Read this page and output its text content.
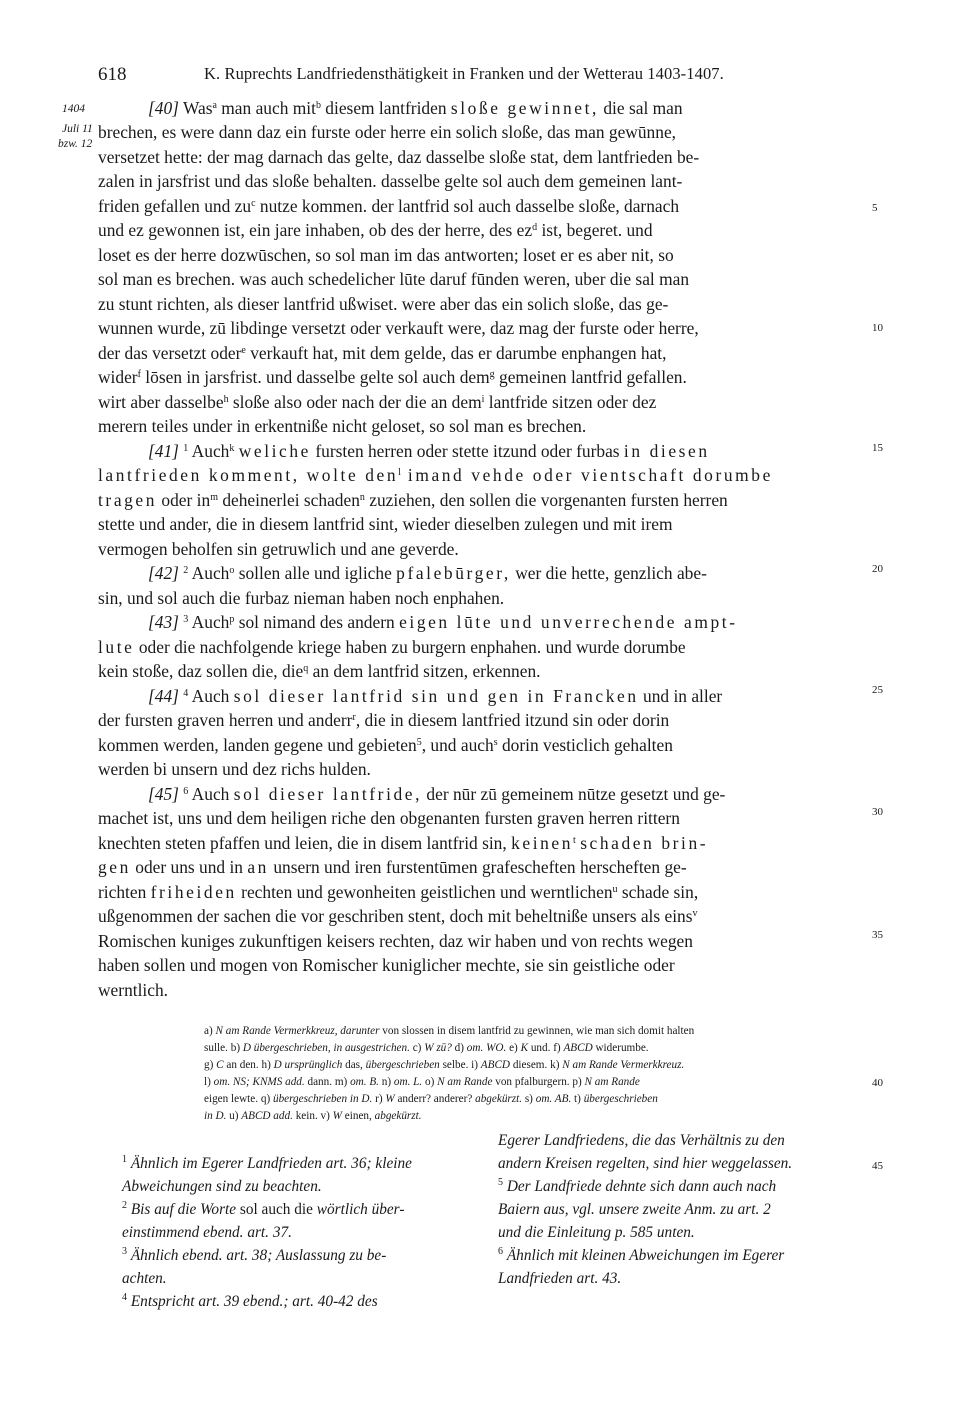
618	K. Ruprechts Landfriedensthätigkeit in Franken und der Wetterau 1403-1407.
1404
Juli 11
bzw. 12
5
10
15
20
25
30
35
40
45
[40] Was$^a$ man auch mit$^b$ diesem lantfriden sloße gewinnet, die sal man
brechen, es were dann daz ein furste oder herre ein solich sloße, das man gewūnne,
versetzet hette: der mag darnach das gelte, daz dasselbe sloße stat, dem lantfrieden be-
zalen in jarsfrist und das sloße behalten. dasselbe gelte sol auch dem gemeinen lant-
friden gefallen und $zu^c$ nutze kommen. der lantfrid sol auch dasselbe sloße, darnach
und ez gewonnen ist, ein jare inhaben, ob des der herre, des $ez^d$ ist, begeret. und
loset es der herre dozwūschen, so sol man im das antworten; loset er es aber nit, so
sol man es brechen. was auch schedelicher lūte daruf fūnden weren, uber die sal man
zu stunt richten, als dieser lantfrid ußwiset. were aber das ein solich sloße, das ge-
wunnen wurde, zū libdinge versetzt oder verkauft were, daz mag der furste oder herre,
der das versetzt oder$^e$ verkauft hat, mit dem gelde, das er darumbe enphangen hat,
wider$^f$ lōsen in jarsfrist. und dasselbe gelte sol auch dem$^g$ gemeinen lantfrid gefallen.
wirt aber dasselbe$^h$ sloße also oder nach der die an dem$^i$ lantfride sitzen oder dez
merern teiles under in erkentniße nicht geloset, so sol man es brechen.
[41] $^1$ Auch$^k$ weliche fursten herren oder stette itzund oder furbas in diesen
lantfrieden komment, wolte den$^l$ imand vehde oder vientschaft dorumbe
tragen oder $in^m$ deheinerlei schaden$^n$ zuziehen, den sollen die vorgenanten fursten herren
stette und ander, die in diesem lantfrid sint, wieder dieselben zulegen und mit irem
vermogen beholfen sin getruwlich und ane geverde.
[42] $^2$ Auch$^o$ sollen alle und igliche pfalebūrger, wer die hette, genzlich abe-
sin, und sol auch die furbaz nieman haben noch enphahen.
[43] $^3$ Auch$^p$ sol nimand des andern eigen lūte und unverrechende ampt-
lute oder die nachfolgende kriege haben zu burgern enphahen. und wurde dorumbe
kein stoße, daz sollen die, die$^q$ an dem lantfrid sitzen, erkennen.
[44] $^4$ Auch sol dieser lantfrid sin und gen in Francken und in aller
der fursten graven herren und anderr$^r$, die in diesem lantfried itzund sin oder dorin
kommen werden, landen gegene und gebieten$^5$, und auch$^s$ dorin vesticlich gehalten
werden bi unsern und dez richs hulden.
[45] $^6$ Auch sol dieser lantfride, der nūr zū gemeinem nūtze gesetzt und ge-
machet ist, uns und dem heiligen riche den obgenanten fursten graven herren rittern
knechten steten pfaffen und leien, die in disem lantfrid sin, keinen$^t$ schaden brin-
gen oder uns und in an unsern und iren furstentūmen grafescheften herscheften ge-
richten friheiden rechten und gewonheiten geistlichen und werntlichen$^u$ schade sin,
ußgenommen der sachen die vor geschriben stent, doch mit beheltniße unsers als eins$^v$
Romischen kuniges zukunftigen keisers rechten, daz wir haben und von rechts wegen
haben sollen und mogen von Romischer kuniglicher mechte, sie sin geistliche oder
werntlich.
a) N am Rande Vermerkkreuz, darunter von slossen in disem lantfrid zu gewinnen, wie man sich domit halten
sulle. b) D übergeschrieben, in ausgestrichen. c) W zū? d) om. WO. e) K und. f) ABCD widerumbe.
g) C an den. h) D ursprünglich das, übergeschrieben selbe. i) ABCD diesem. k) N am Rande Vermerkkreuz.
l) om. NS; KNMS add. dann. m) om. B. n) om. L. o) N am Rande von pfalburgern. p) N am Rande
eigen lewte. q) übergeschrieben in D. r) W anderr? anderer? abgekürzt. s) om. AB. t) übergeschrieben
in D. u) ABCD add. kein. v) W einen, abgekürzt.
$^1$ Ähnlich im Egerer Landfrieden art. 36; kleine
Abweichungen sind zu beachten.
$^2$ Bis auf die Worte sol auch die wörtlich über-
einstimmend ebend. art. 37.
$^3$ Ähnlich ebend. art. 38; Auslassung zu be-
achten.
$^4$ Entspricht art. 39 ebend.; art. 40-42 des
Egerer Landfriedens, die das Verhältnis zu den
andern Kreisen regelten, sind hier weggelassen.
$^5$ Der Landfriede dehnte sich dann auch nach
Baiern aus, vgl. unsere zweite Anm. zu art. 2
und die Einleitung p. 585 unten.
$^6$ Ähnlich mit kleinen Abweichungen im Egerer
Landfrieden art. 43.
